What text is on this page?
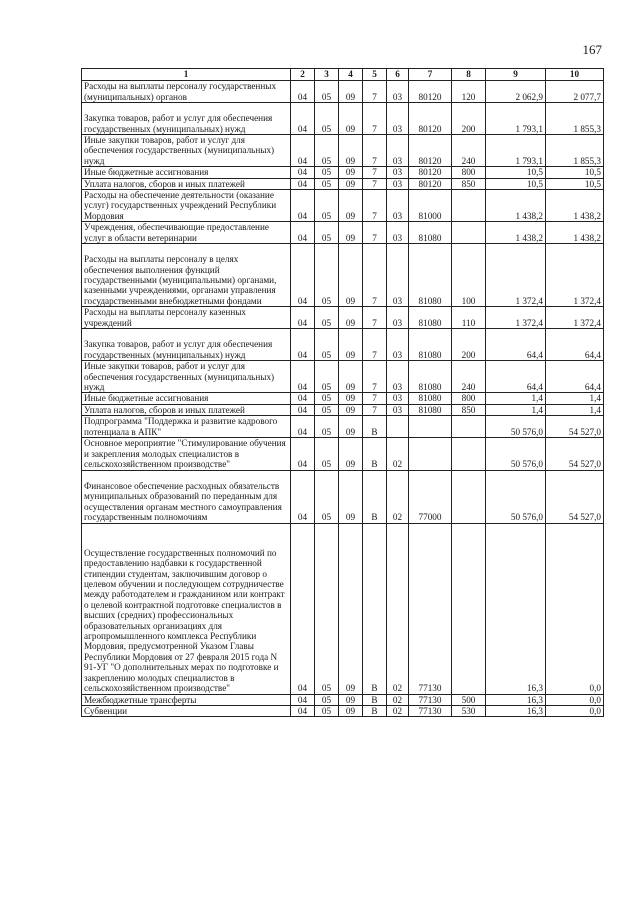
167
1	2	3	4	5	6	7	8	9	10
Расходы на выплаты персоналу государственных (муниципальных) органов	04	05	09	7	03	80120	120	2 062,9	2 077,7
Закупка товаров, работ и услуг для обеспечения государственных (муниципальных) нужд	04	05	09	7	03	80120	200	1 793,1	1 855,3
Иные закупки товаров, работ и услуг для обеспечения государственных (муниципальных) нужд	04	05	09	7	03	80120	240	1 793,1	1 855,3
Иные бюджетные ассигнования	04	05	09	7	03	80120	800	10,5	10,5
Уплата налогов, сборов и иных платежей	04	05	09	7	03	80120	850	10,5	10,5
Расходы на обеспечение деятельности (оказание услуг) государственных учреждений Республики Мордовия	04	05	09	7	03	81000		1 438,2	1 438,2
Учреждения, обеспечивающие предоставление услуг в области ветеринарии	04	05	09	7	03	81080		1 438,2	1 438,2
Расходы на выплаты персоналу в целях обеспечения выполнения функций государственными (муниципальными) органами, казенными учреждениями, органами управления государственными внебюджетными фондами	04	05	09	7	03	81080	100	1 372,4	1 372,4
Расходы на выплаты персоналу казенных учреждений	04	05	09	7	03	81080	110	1 372,4	1 372,4
Закупка товаров, работ и услуг для обеспечения государственных (муниципальных) нужд	04	05	09	7	03	81080	200	64,4	64,4
Иные закупки товаров, работ и услуг для обеспечения государственных (муниципальных) нужд	04	05	09	7	03	81080	240	64,4	64,4
Иные бюджетные ассигнования	04	05	09	7	03	81080	800	1,4	1,4
Уплата налогов, сборов и иных платежей	04	05	09	7	03	81080	850	1,4	1,4
Подпрограмма "Поддержка и развитие кадрового потенциала в АПК"	04	05	09	В				50 576,0	54 527,0
Основное мероприятие "Стимулирование обучения и закрепления молодых специалистов в сельскохозяйственном производстве"	04	05	09	В	02			50 576,0	54 527,0
Финансовое обеспечение расходных обязательств муниципальных образований по переданным для осуществления органам местного самоуправления государственным полномочиям	04	05	09	В	02	77000		50 576,0	54 527,0
Осуществление государственных полномочий по предоставлению надбавки к государственной стипендии студентам, заключившим договор о целевом обучении и последующем сотрудничестве между работодателем и гражданином или контракт о целевой контрактной подготовке специалистов в высших (средних) профессиональных образовательных организациях для агропромышленного комплекса Республики Мордовия, предусмотренной Указом Главы Республики Мордовия от 27 февраля 2015 года N 91-УГ "О дополнительных мерах по подготовке и закреплению молодых специалистов в сельскохозяйственном производстве"	04	05	09	В	02	77130		16,3	0,0
Межбюджетные трансферты	04	05	09	В	02	77130	500	16,3	0,0
Субвенции	04	05	09	В	02	77130	530	16,3	0,0
